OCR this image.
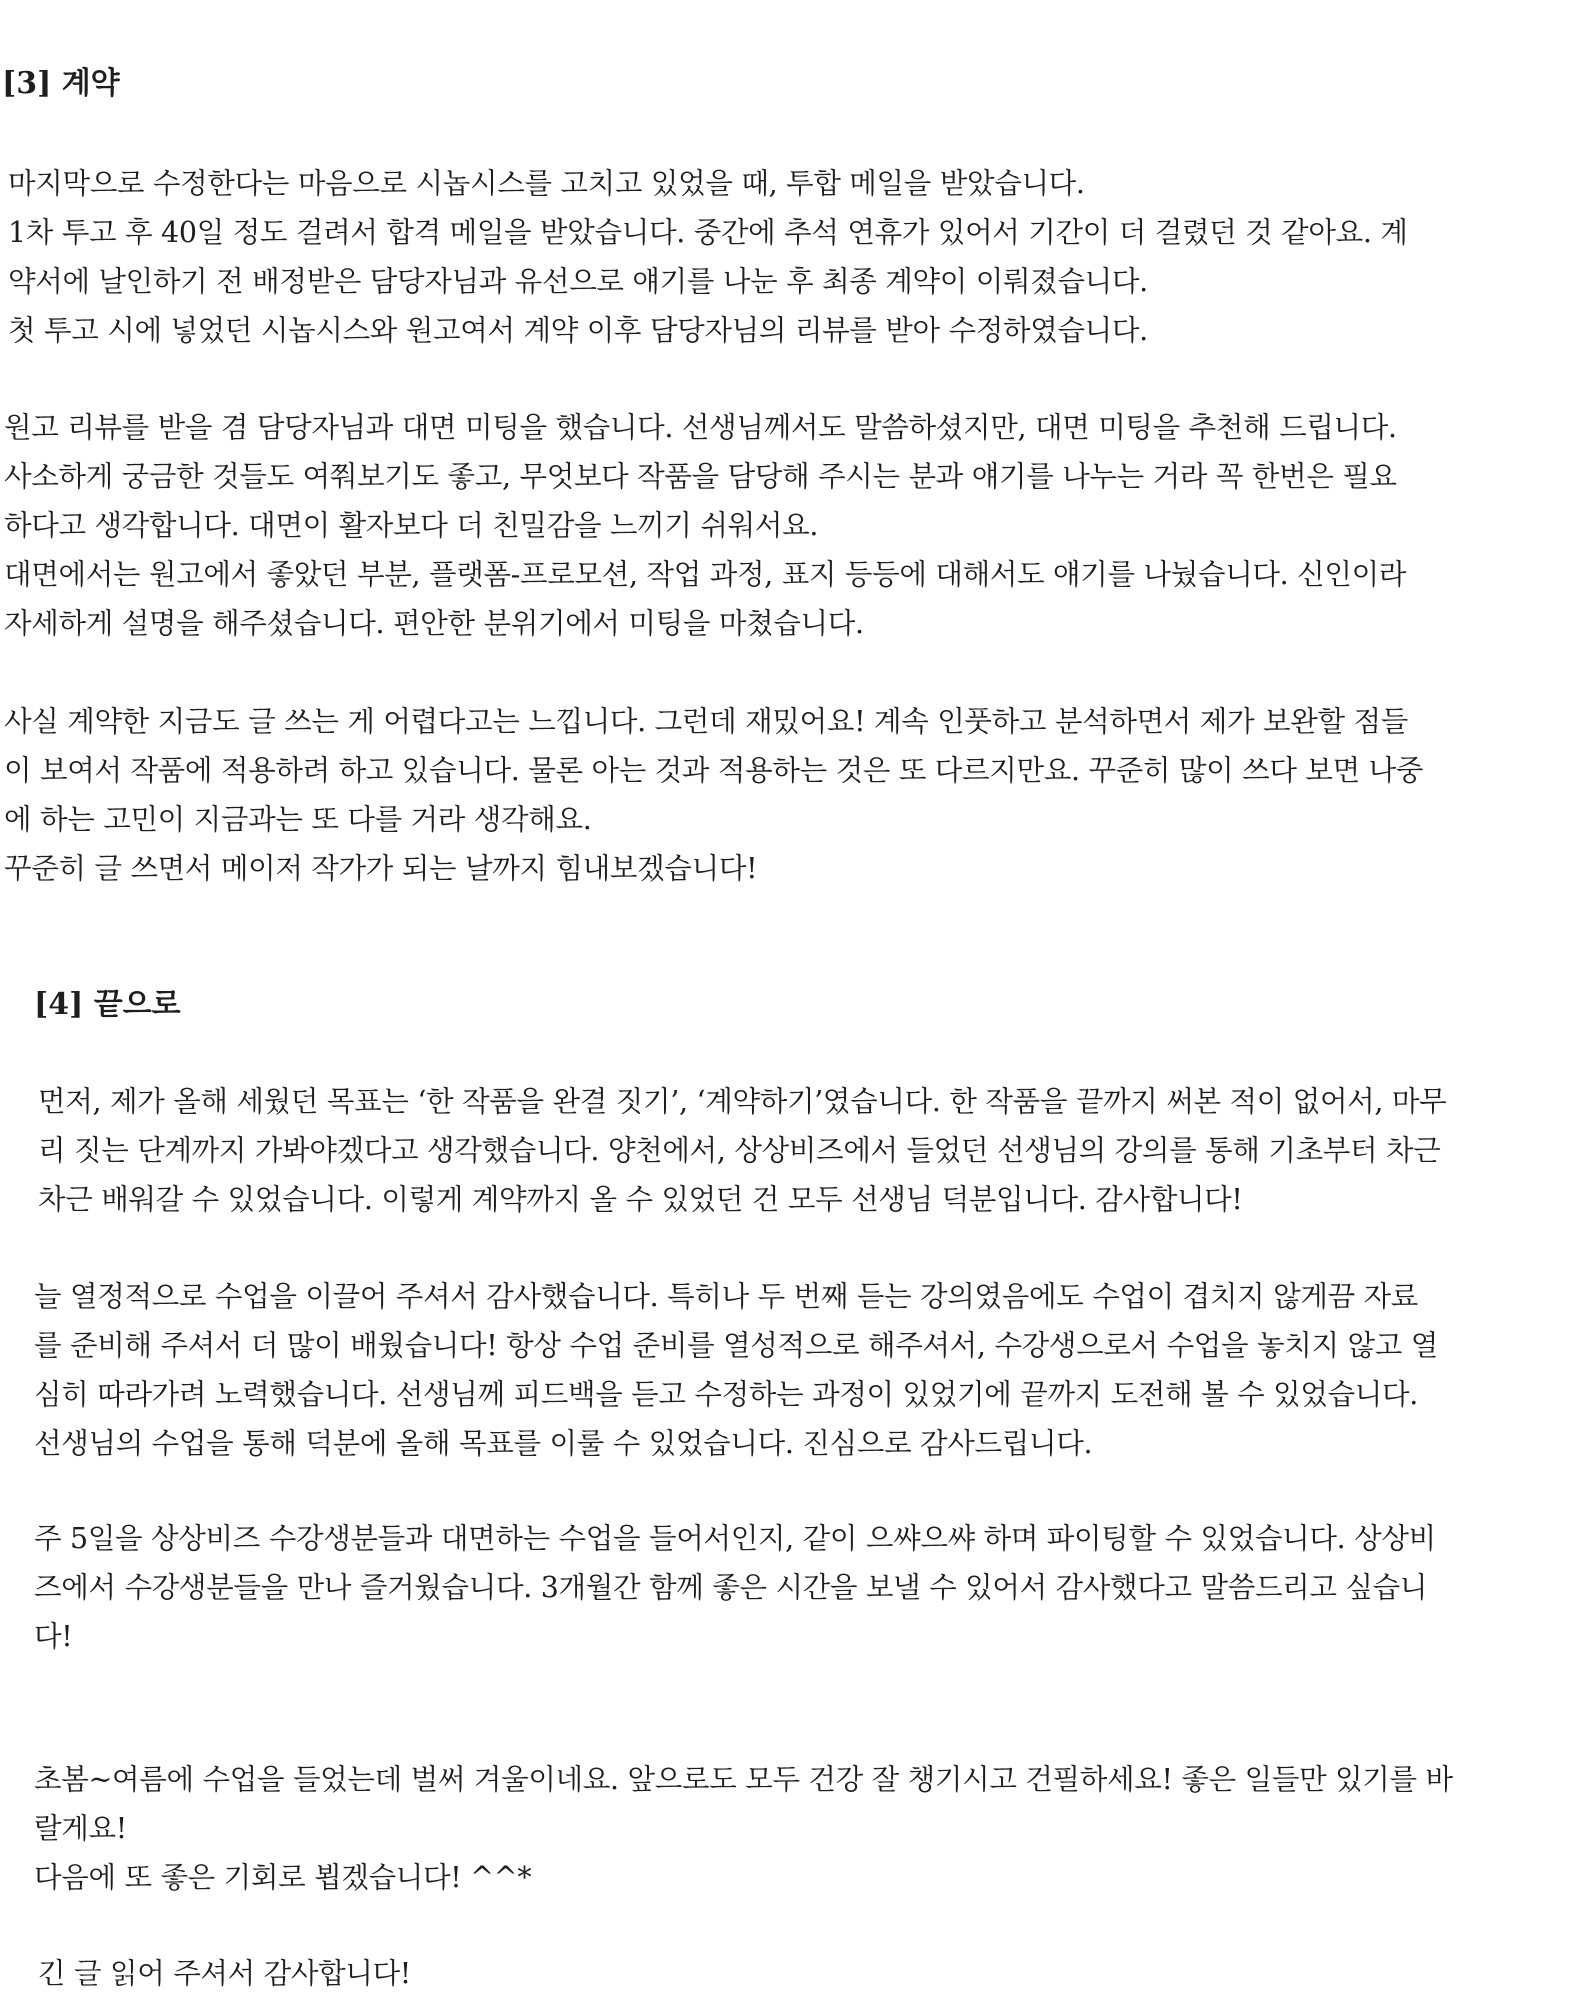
[3] 계약

마지막으로 수정한다는 마음으로 시놉시스를 고치고 있었을 때, 투합 메일을 받았습니다.
1차 투고 후 40일 정도 걸려서 합격 메일을 받았습니다. 중간에 추석 연휴가 있어서 기간이 더 걸렸던 것 같아요. 계
약서에 날인하기 전 배정받은 담당자님과 유선으로 얘기를 나눈 후 최종 계약이 이뤄졌습니다.
첫 투고 시에 넣었던 시놉시스와 원고여서 계약 이후 담당자님의 리뷰를 받아 수정하였습니다.

원고 리뷰를 받을 겸 담당자님과 대면 미팅을 했습니다. 선생님께서도 말씀하셨지만, 대면 미팅을 추천해 드립니다.
사소하게 궁금한 것들도 여쭤보기도 좋고, 무엇보다 작품을 담당해 주시는 분과 얘기를 나누는 거라 꼭 한번은 필요
하다고 생각합니다. 대면이 활자보다 더 친밀감을 느끼기 쉬워서요.
대면에서는 원고에서 좋았던 부분, 플랫폼-프로모션, 작업 과정, 표지 등등에 대해서도 얘기를 나눴습니다. 신인이라
자세하게 설명을 해주셨습니다. 편안한 분위기에서 미팅을 마쳤습니다.

사실 계약한 지금도 글 쓰는 게 어렵다고는 느낍니다. 그런데 재밌어요! 계속 인풋하고 분석하면서 제가 보완할 점들
이 보여서 작품에 적용하려 하고 있습니다. 물론 아는 것과 적용하는 것은 또 다르지만요. 꾸준히 많이 쓰다 보면 나중
에 하는 고민이 지금과는 또 다를 거라 생각해요.
꾸준히 글 쓰면서 메이저 작가가 되는 날까지 힘내보겠습니다!

[4] 끝으로

먼저, 제가 올해 세웠던 목표는 ‘한 작품을 완결 짓기’, ‘계약하기’였습니다. 한 작품을 끝까지 써본 적이 없어서, 마무
리 짓는 단계까지 가봐야겠다고 생각했습니다. 양천에서, 상상비즈에서 들었던 선생님의 강의를 통해 기초부터 차근
차근 배워갈 수 있었습니다. 이렇게 계약까지 올 수 있었던 건 모두 선생님 덕분입니다. 감사합니다!

늘 열정적으로 수업을 이끌어 주셔서 감사했습니다. 특히나 두 번째 듣는 강의였음에도 수업이 겹치지 않게끔 자료
를 준비해 주셔서 더 많이 배웠습니다! 항상 수업 준비를 열성적으로 해주셔서, 수강생으로서 수업을 놓치지 않고 열
심히 따라가려 노력했습니다. 선생님께 피드백을 듣고 수정하는 과정이 있었기에 끝까지 도전해 볼 수 있었습니다.
선생님의 수업을 통해 덕분에 올해 목표를 이룰 수 있었습니다. 진심으로 감사드립니다.

주 5일을 상상비즈 수강생분들과 대면하는 수업을 들어서인지, 같이 으쌰으쌰 하며 파이팅할 수 있었습니다. 상상비
즈에서 수강생분들을 만나 즐거웠습니다. 3개월간 함께 좋은 시간을 보낼 수 있어서 감사했다고 말씀드리고 싶습니
다!

초봄~여름에 수업을 들었는데 벌써 겨울이네요. 앞으로도 모두 건강 잘 챙기시고 건필하세요! 좋은 일들만 있기를 바
랄게요!
다음에 또 좋은 기회로 뵙겠습니다! ^^*

긴 글 읽어 주셔서 감사합니다!
